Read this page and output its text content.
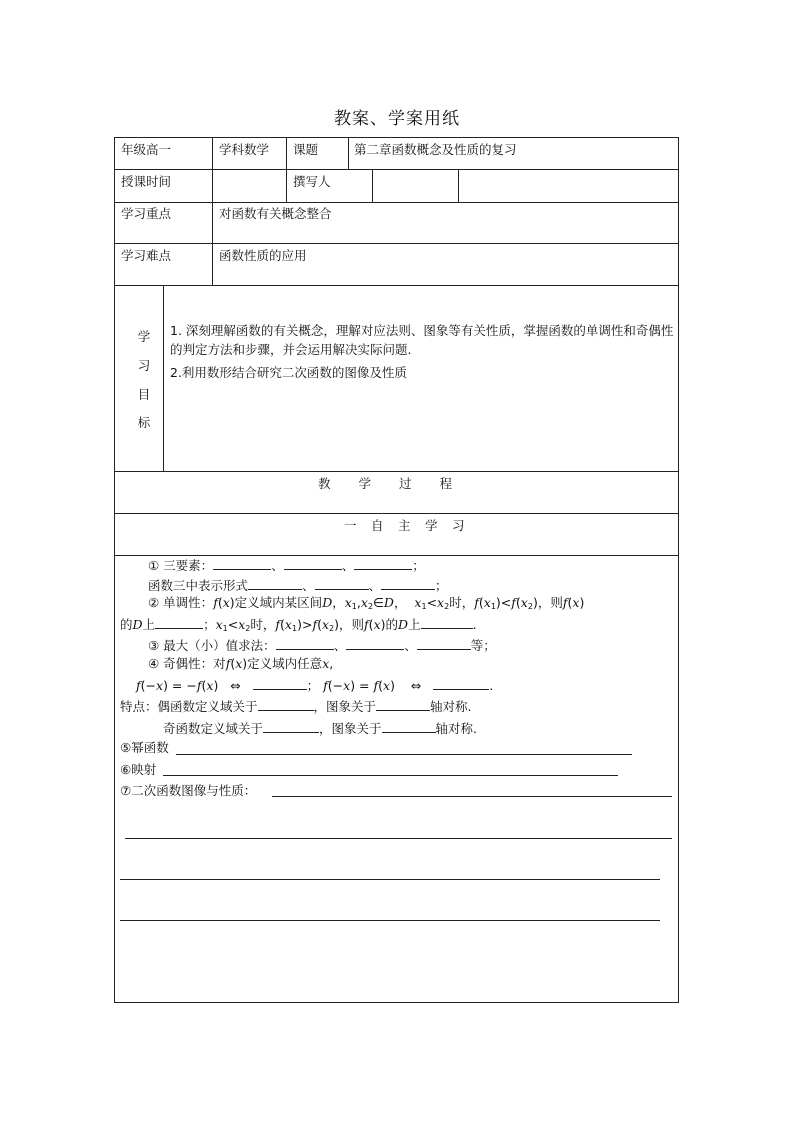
教案、学案用纸
年级高一	学科数学 课题	第二章函数概念及性质的复习
授课时间	撰写人
学习重点	对函数有关概念整合
学习难点	函数性质的应用
学
习
目
标
1. 深刻理解函数的有关概念，理解对应法则、图象等有关性质，掌握函数的单调性和奇偶性的判定方法和步骤，并会运用解决实际问题.
2.利用数形结合研究二次函数的图像及性质
教　　学　　过　　程
一　自　主　学　习
① 三要素：	、	、	；
函数三中表示形式	、	、	；
② 单调性：f(x)定义域内某区间D，$x_1,x_2\in D$，  $x_1<x_2$时，$f(x_1)<f(x_2)$，则f(x)
的D上	；$x_1<x_2$时，$f(x_1)>f(x_2)$，则f(x)的D上	.
③ 最大（小）值求法：	、	、	等；
④ 奇偶性：对f(x)定义域内任意x,
f(−x) = −f(x)   ⇔	； f(−x) = f(x)    ⇔	.
特点：偶函数定义域关于	，图象关于	轴对称.
奇函数定义域关于	，图象关于	轴对称.
⑤幂函数
⑥映射
⑦二次函数图像与性质：
